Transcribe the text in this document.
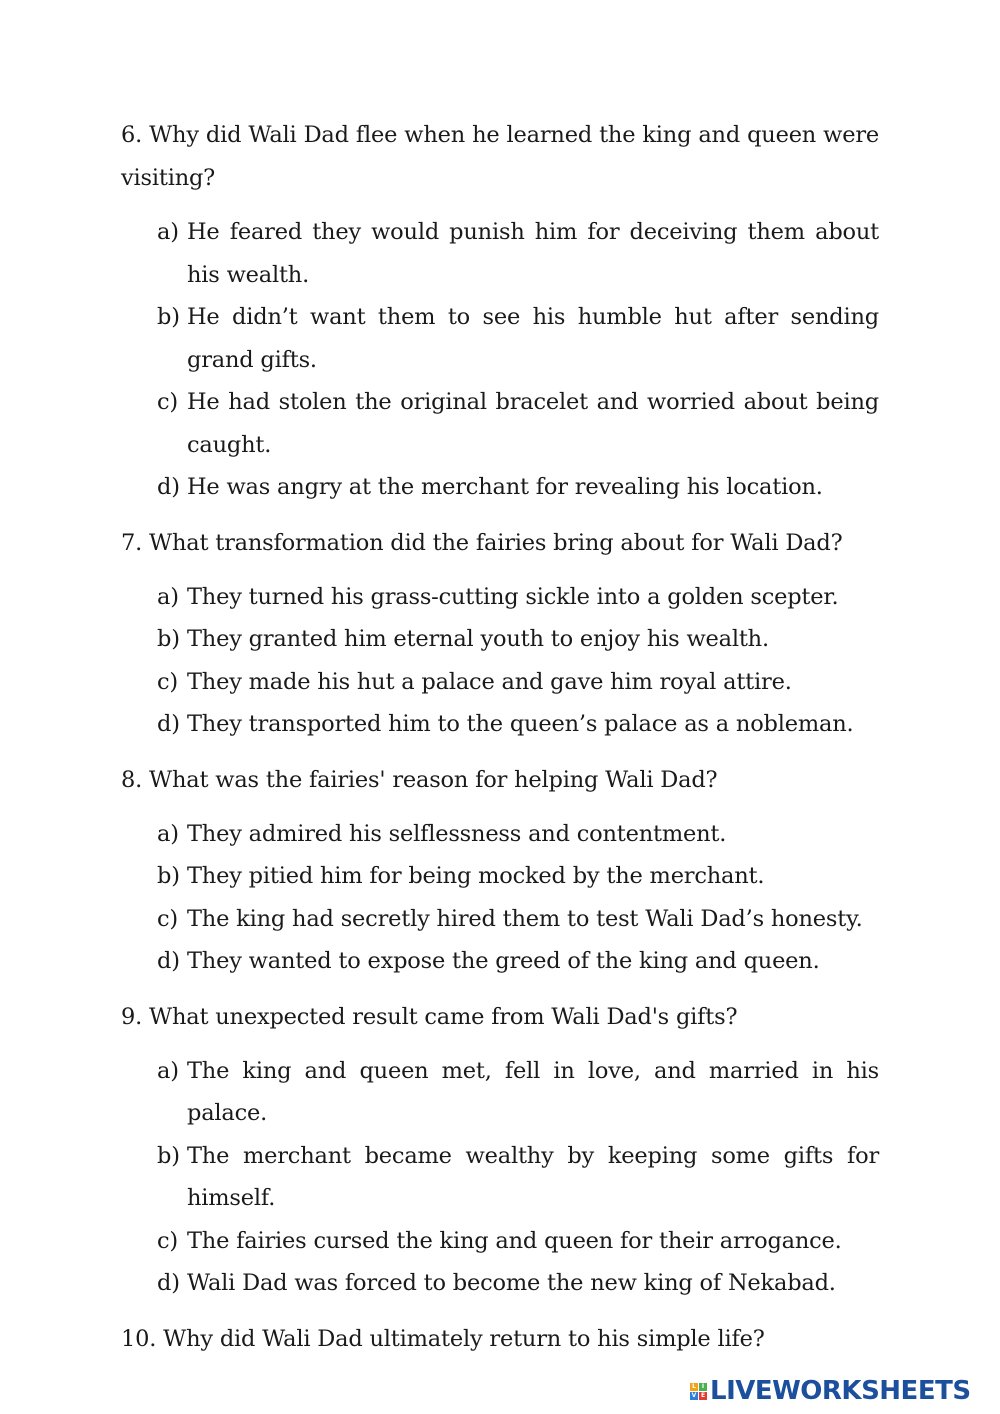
6. Why did Wali Dad flee when he learned the king and queen were visiting?
a) He feared they would punish him for deceiving them about his wealth.
b) He didn’t want them to see his humble hut after sending grand gifts.
c) He had stolen the original bracelet and worried about being caught.
d) He was angry at the merchant for revealing his location.
7. What transformation did the fairies bring about for Wali Dad?
a) They turned his grass-cutting sickle into a golden scepter.
b) They granted him eternal youth to enjoy his wealth.
c) They made his hut a palace and gave him royal attire.
d) They transported him to the queen’s palace as a nobleman.
8. What was the fairies' reason for helping Wali Dad?
a) They admired his selflessness and contentment.
b) They pitied him for being mocked by the merchant.
c) The king had secretly hired them to test Wali Dad’s honesty.
d) They wanted to expose the greed of the king and queen.
9. What unexpected result came from Wali Dad's gifts?
a) The king and queen met, fell in love, and married in his palace.
b) The merchant became wealthy by keeping some gifts for himself.
c) The fairies cursed the king and queen for their arrogance.
d) Wali Dad was forced to become the new king of Nekabad.
10. Why did Wali Dad ultimately return to his simple life?
L I
V E LIVEWORKSHEETS
